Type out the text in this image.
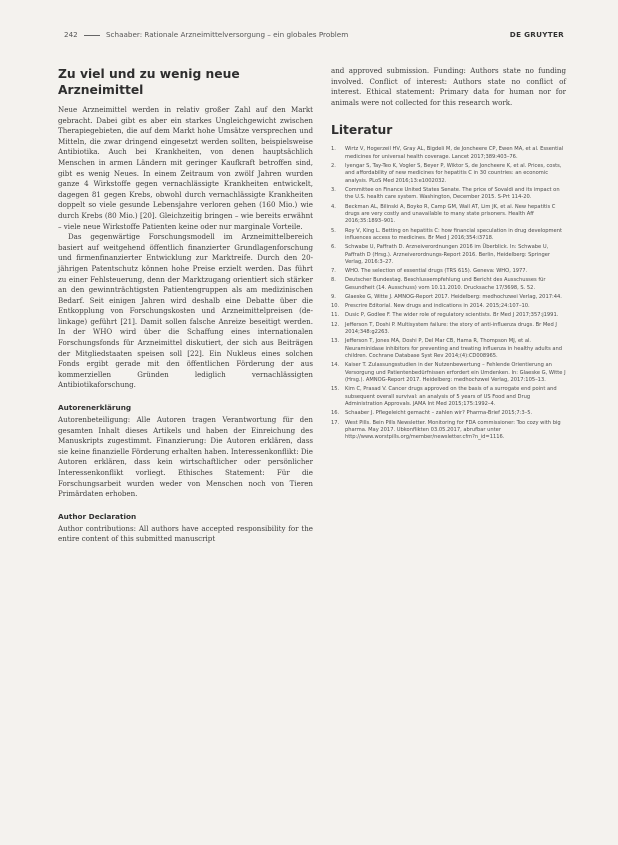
242	Schaaber: Rationale Arzneimittelversorgung – ein globales Problem	DE GRUYTER
Zu viel und zu wenig neue Arzneimittel

Neue Arzneimittel werden in relativ großer Zahl auf den Markt gebracht. Dabei gibt es aber ein starkes Ungleichgewicht zwischen Therapiegebieten, die auf dem Markt hohe Umsätze versprechen und Mitteln, die zwar dringend eingesetzt werden sollten, beispielsweise Antibiotika. Auch bei Krankheiten, von denen hauptsächlich Menschen in armen Ländern mit geringer Kaufkraft betroffen sind, gibt es wenig Neues. In einem Zeitraum von zwölf Jahren wurden ganze 4 Wirkstoffe gegen vernachlässigte Krankheiten entwickelt, dagegen 81 gegen Krebs, obwohl durch vernachlässigte Krankheiten doppelt so viele gesunde Lebensjahre verloren gehen (160 Mio.) wie durch Krebs (80 Mio.) [20]. Gleichzeitig bringen – wie bereits erwähnt – viele neue Wirkstoffe Patienten keine oder nur marginale Vorteile.

Das gegenwärtige Forschungsmodell im Arzneimittelbereich basiert auf weitgehend öffentlich finanzierter Grundlagenforschung und firmenfinanzierter Entwicklung zur Marktreife. Durch den 20-jährigen Patentschutz können hohe Preise erzielt werden. Das führt zu einer Fehlsteuerung, denn der Marktzugang orientiert sich stärker an den gewinnträchtigsten Patientengruppen als am medizinischen Bedarf. Seit einigen Jahren wird deshalb eine Debatte über die Entkopplung von Forschungskosten und Arzneimittelpreisen (de-linkage) geführt [21]. Damit sollen falsche Anreize beseitigt werden. In der WHO wird über die Schaffung eines internationalen Forschungsfonds für Arzneimittel diskutiert, der sich aus Beiträgen der Mitgliedstaaten speisen soll [22]. Ein Nukleus eines solchen Fonds ergibt gerade mit den öffentlichen Förderung der aus kommerziellen Gründen lediglich vernachlässigten Antibiotikaforschung.

Autorenerklärung

Autorenbeteiligung: Alle Autoren tragen Verantwortung für den gesamten Inhalt dieses Artikels und haben der Einreichung des Manuskripts zugestimmt. Finanzierung: Die Autoren erklären, dass sie keine finanzielle Förderung erhalten haben. Interessenkonflikt: Die Autoren erklären, dass kein wirtschaftlicher oder persönlicher Interessenkonflikt vorliegt. Ethisches Statement: Für die Forschungsarbeit wurden weder von Menschen noch von Tieren Primärdaten erhoben.

Author Declaration

Author contributions: All authors have accepted responsibility for the entire content of this submitted manuscript

and approved submission. Funding: Authors state no funding involved. Conflict of interest: Authors state no conflict of interest. Ethical statement: Primary data for human nor for animals were not collected for this research work.

Literatur
1. Wirtz V, Hogerzeil HV, Gray AL, Bigdeli M, de Joncheere CP, Ewen MA, et al. Essential medicines for universal health coverage. Lancet 2017;389:403–76.
2. Iyengar S, Tay-Teo K, Vogler S, Beyer P, Wiktor S, de Joncheere K, et al. Prices, costs, and affordability of new medicines for hepatitis C in 30 countries: an economic analysis. PLoS Med 2016;13:e1002032.
3. Committee on Finance United States Senate. The price of Sovaldi and its impact on the U.S. health care system. Washington, December 2015. S-Prt 114-20.
4. Beckman AL, Bilinski A, Boyko R, Camp GM, Wall AT, Lim JK, et al. New hepatitis C drugs are very costly and unavailable to many state prisoners. Health Aff 2016;35:1893–901.
5. Roy V, King L. Betting on hepatitis C: how financial speculation in drug development influences access to medicines. Br Med J 2016;354:i3718.
6. Schwabe U, Paffrath D. Arzneiverordnungen 2016 im Überblick. In: Schwabe U, Paffrath D (Hrsg.). Arzneiverordnungs-Report 2016. Berlin, Heidelberg: Springer Verlag, 2016:3–27.
7. WHO. The selection of essential drugs (TRS 615). Geneva: WHO, 1977.
8. Deutscher Bundestag. Beschlussempfehlung und Bericht des Ausschusses für Gesundheit (14. Ausschuss) vom 10.11.2010. Drucksache 17/3698, S. 52.
9. Glaeske G, Witte J. AMNOG-Report 2017. Heidelberg: medhochzwei Verlag, 2017:44.
10. Prescrire Editorial. New drugs and indications in 2014. 2015;24:107–10.
11. Dusic P, Godlee F. The wider role of regulatory scientists. Br Med J 2017;357:j1991.
12. Jefferson T, Doshi P. Multisystem failure: the story of anti-influenza drugs. Br Med J 2014;348:g2263.
13. Jefferson T, Jones MA, Doshi P, Del Mar CB, Hama R, Thompson MJ, et al. Neuraminidase inhibitors for preventing and treating influenza in healthy adults and children. Cochrane Database Syst Rev 2014;(4):CD008965.
14. Kaiser T. Zulassungsstudien in der Nutzenbewertung – Fehlende Orientierung an Versorgung und Patientenbedürfnissen erfordert ein Umdenken. In: Glaeske G, Witte J (Hrsg.). AMNOG-Report 2017. Heidelberg: medhochzwei Verlag, 2017:105–13.
15. Kim C, Prasad V. Cancer drugs approved on the basis of a surrogate end point and subsequent overall survival: an analysis of 5 years of US Food and Drug Administration Approvals. JAMA Int Med 2015;175:1992–4.
16. Schaaber J. Pflegeleicht gemacht – zahlen wir? Pharma-Brief 2015;7:3–5.
17. West Pills. Bein Pills Newsletter. Monitoring for FDA commissioner: Too cozy with big pharma. May 2017. Ubkonflikten 03.05.2017, abrufbar unter http://www.worstpills.org/member/newsletter.cfm?n_id=1116.
